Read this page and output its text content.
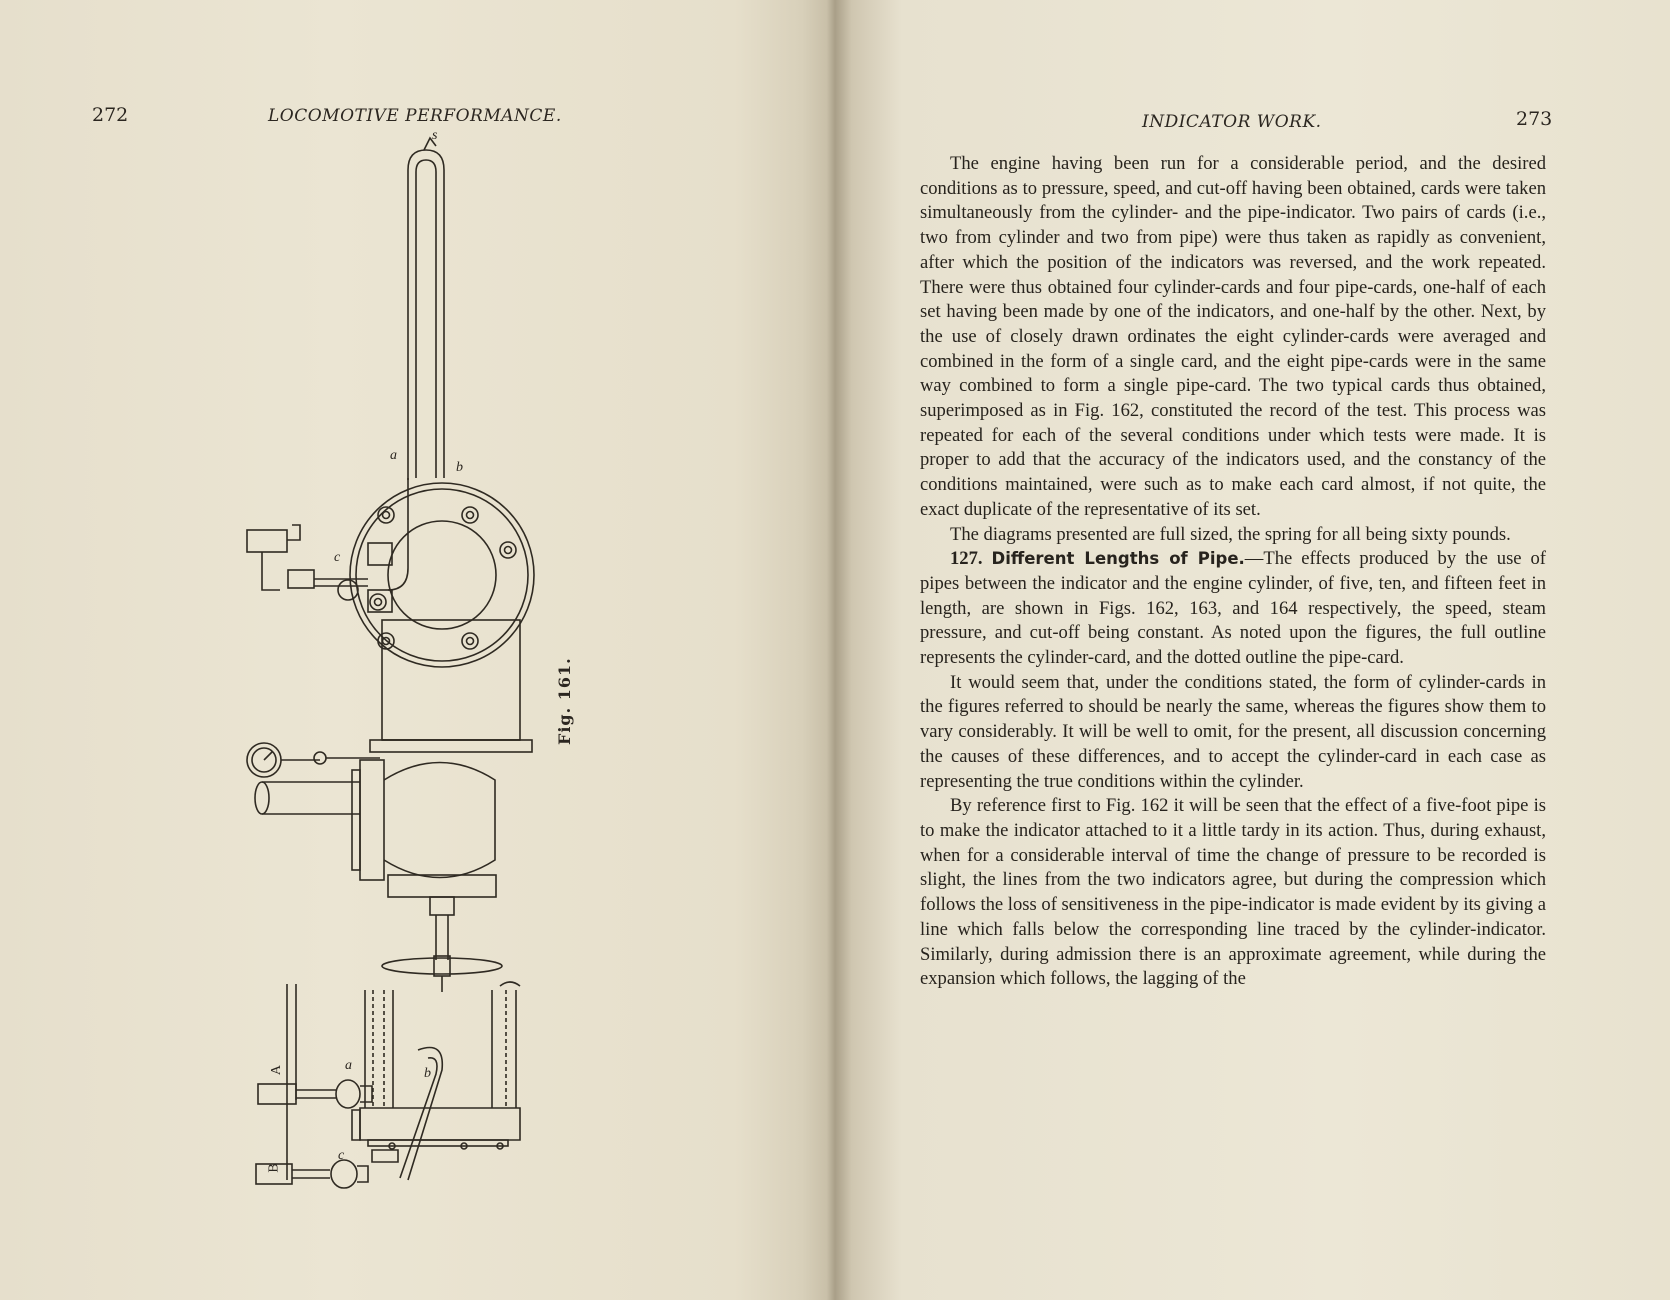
272	LOCOMOTIVE PERFORMANCE.
Fig. 161.
s
a
b
c
a
b
c
A
B
INDICATOR WORK.	273

The engine having been run for a considerable period, and the desired conditions as to pressure, speed, and cut-off having been obtained, cards were taken simultaneously from the cylinder- and the pipe-indicator. Two pairs of cards (i.e., two from cylinder and two from pipe) were thus taken as rapidly as convenient, after which the position of the indicators was reversed, and the work repeated. There were thus obtained four cylinder-cards and four pipe-cards, one-half of each set having been made by one of the indicators, and one-half by the other. Next, by the use of closely drawn ordinates the eight cylinder-cards were averaged and combined in the form of a single card, and the eight pipe-cards were in the same way combined to form a single pipe-card. The two typical cards thus obtained, superimposed as in Fig. 162, constituted the record of the test. This process was repeated for each of the several conditions under which tests were made. It is proper to add that the accuracy of the indicators used, and the constancy of the conditions maintained, were such as to make each card almost, if not quite, the exact duplicate of the representative of its set.

The diagrams presented are full sized, the spring for all being sixty pounds.

127. Different Lengths of Pipe.—The effects produced by the use of pipes between the indicator and the engine cylinder, of five, ten, and fifteen feet in length, are shown in Figs. 162, 163, and 164 respectively, the speed, steam pressure, and cut-off being constant. As noted upon the figures, the full outline represents the cylinder-card, and the dotted outline the pipe-card.

It would seem that, under the conditions stated, the form of cylinder-cards in the figures referred to should be nearly the same, whereas the figures show them to vary considerably. It will be well to omit, for the present, all discussion concerning the causes of these differences, and to accept the cylinder-card in each case as representing the true conditions within the cylinder.

By reference first to Fig. 162 it will be seen that the effect of a five-foot pipe is to make the indicator attached to it a little tardy in its action. Thus, during exhaust, when for a considerable interval of time the change of pressure to be recorded is slight, the lines from the two indicators agree, but during the compression which follows the loss of sensitiveness in the pipe-indicator is made evident by its giving a line which falls below the corresponding line traced by the cylinder-indicator. Similarly, during admission there is an approximate agreement, while during the expansion which follows, the lagging of the
